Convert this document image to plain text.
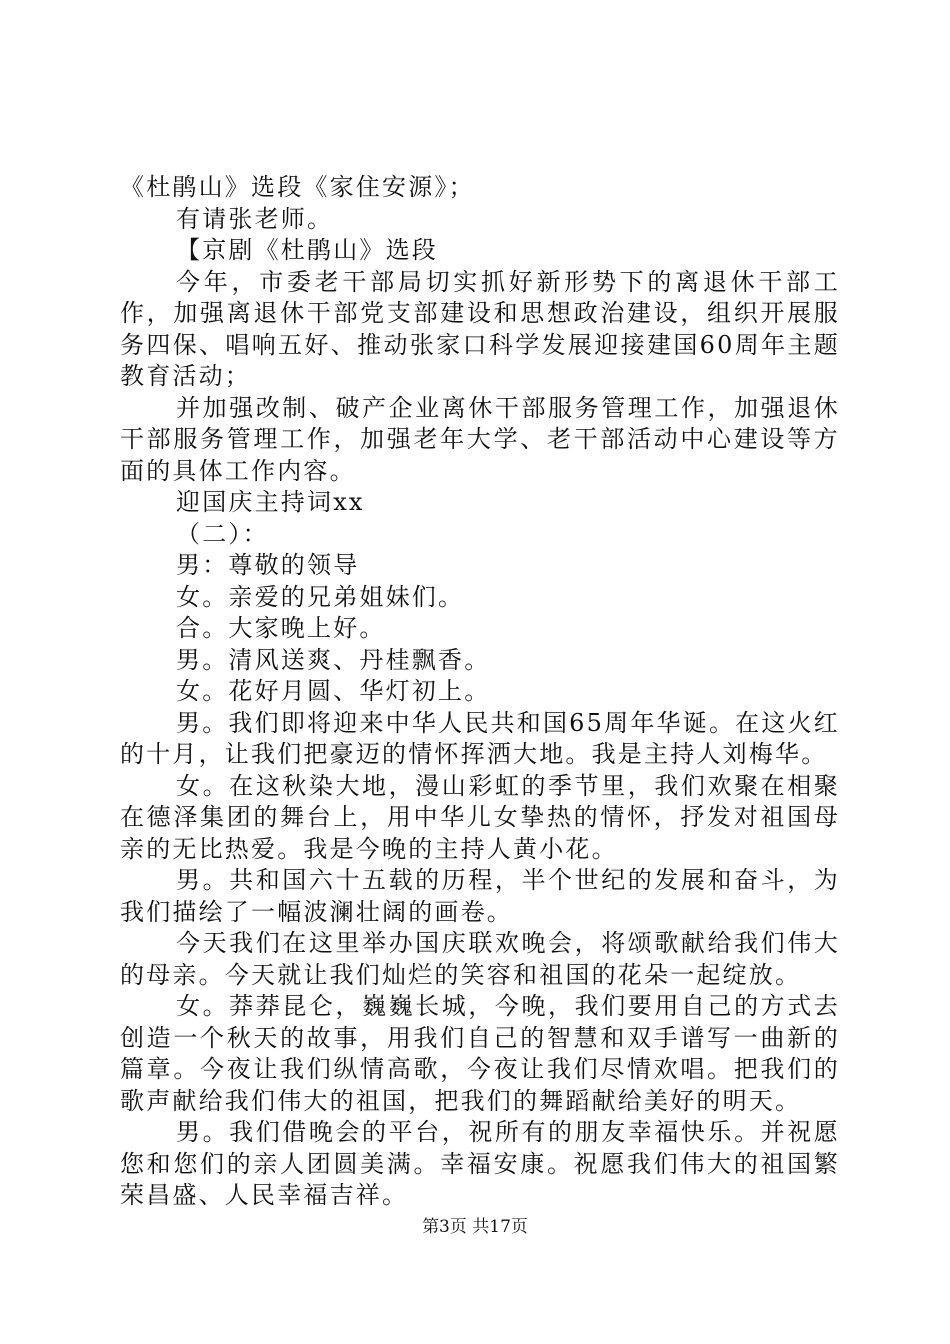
《杜鹃山》选段《家住安源》；

有请张老师。

【京剧《杜鹃山》选段

今年，市委老干部局切实抓好新形势下的离退休干部工作，加强离退休干部党支部建设和思想政治建设，组织开展服务四保、唱响五好、推动张家口科学发展迎接建国60周年主题教育活动；

并加强改制、破产企业离休干部服务管理工作，加强退休干部服务管理工作，加强老年大学、老干部活动中心建设等方面的具体工作内容。

迎国庆主持词xx

（二）：

男：尊敬的领导

女。亲爱的兄弟姐妹们。

合。大家晚上好。

男。清风送爽、丹桂飘香。

女。花好月圆、华灯初上。

男。我们即将迎来中华人民共和国65周年华诞。在这火红的十月，让我们把豪迈的情怀挥洒大地。我是主持人刘梅华。

女。在这秋染大地，漫山彩虹的季节里，我们欢聚在相聚在德泽集团的舞台上，用中华儿女挚热的情怀，抒发对祖国母亲的无比热爱。我是今晚的主持人黄小花。

男。共和国六十五载的历程，半个世纪的发展和奋斗，为我们描绘了一幅波澜壮阔的画卷。

今天我们在这里举办国庆联欢晚会，将颂歌献给我们伟大的母亲。今天就让我们灿烂的笑容和祖国的花朵一起绽放。

女。莽莽昆仑，巍巍长城，今晚，我们要用自己的方式去创造一个秋天的故事，用我们自己的智慧和双手谱写一曲新的篇章。今夜让我们纵情高歌，今夜让我们尽情欢唱。把我们的歌声献给我们伟大的祖国，把我们的舞蹈献给美好的明天。

男。我们借晚会的平台，祝所有的朋友幸福快乐。并祝愿您和您们的亲人团圆美满。幸福安康。祝愿我们伟大的祖国繁荣昌盛、人民幸福吉祥。

第3页 共17页
